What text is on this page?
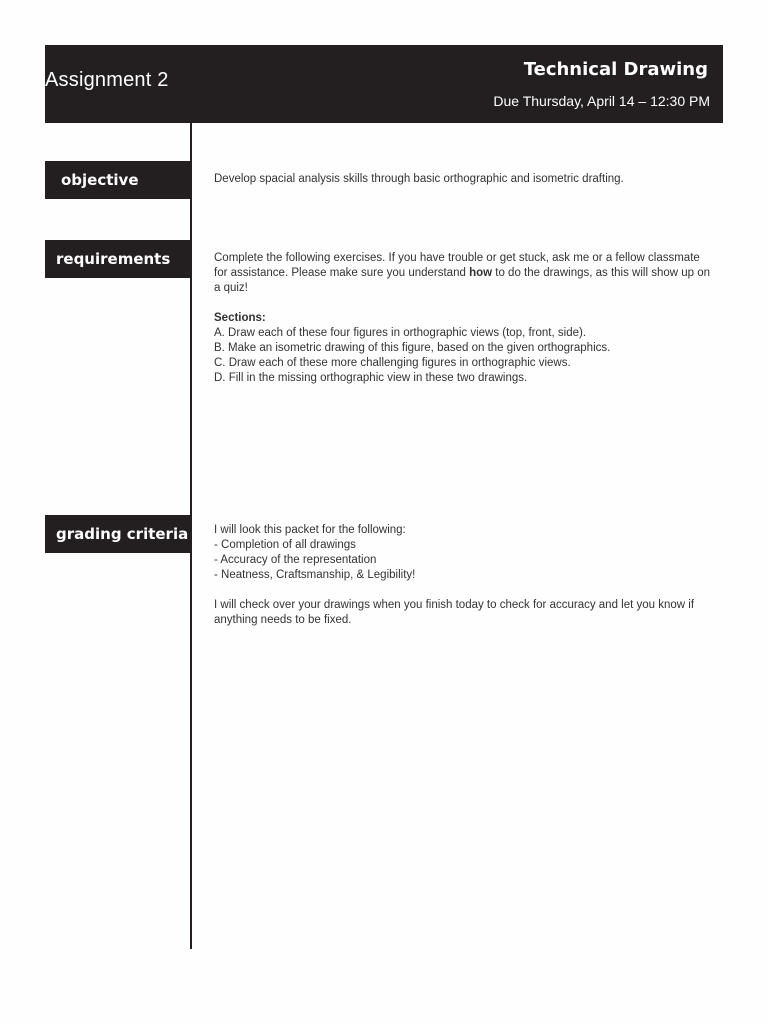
Assignment 2	Technical Drawing
Due Thursday, April 14 – 12:30 PM
objective	Develop spacial analysis skills through basic orthographic and isometric drafting.

requirements	Complete the following exercises. If you have trouble or get stuck, ask me or a fellow classmate for assistance. Please make sure you understand how to do the drawings, as this will show up on a quiz!

Sections:

A. Draw each of these four figures in orthographic views (top, front, side).

B. Make an isometric drawing of this figure, based on the given orthographics.

C. Draw each of these more challenging figures in orthographic views.

D. Fill in the missing orthographic view in these two drawings.

grading criteria I will look this packet for the following:

- Completion of all drawings

- Accuracy of the representation

- Neatness, Craftsmanship, & Legibility!

I will check over your drawings when you finish today to check for accuracy and let you know if anything needs to be fixed.
